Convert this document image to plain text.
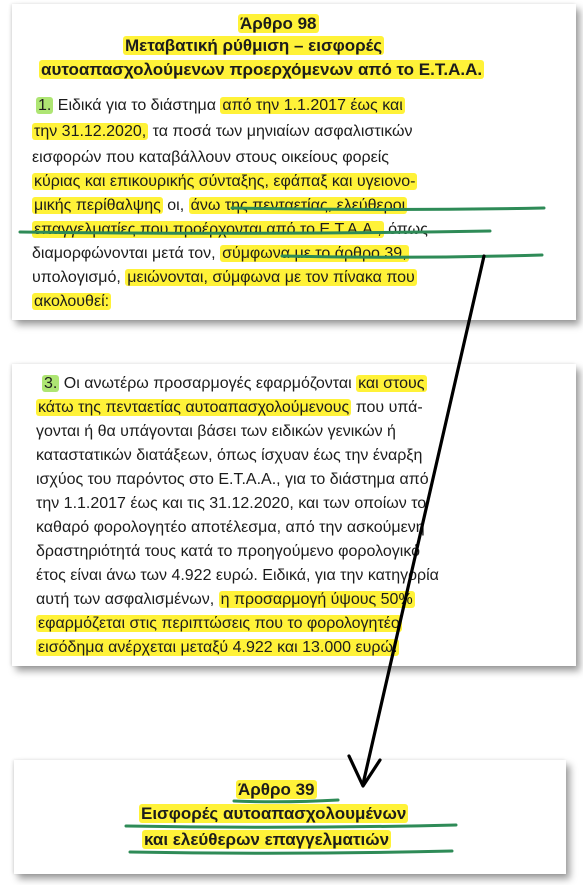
Άρθρο 98
Μεταβατική ρύθμιση – εισφορές
αυτοαπασχολούμενων προερχόμενων από το Ε.Τ.Α.Α.
1. Ειδικά για το διάστημα από την 1.1.2017 έως και
την 31.12.2020, τα ποσά των μηνιαίων ασφαλιστικών
εισφορών που καταβάλλουν στους οικείους φορείς
κύριας και επικουρικής σύνταξης, εφάπαξ και υγειονο-
μικής περίθαλψης οι, άνω της πενταετίας, ελεύθεροι
επαγγελματίες που προέρχονται από το Ε.Τ.Α.Α., όπως
διαμορφώνονται μετά τον, σύμφωνα με το άρθρο 39,
υπολογισμό, μειώνονται, σύμφωνα με τον πίνακα που
ακολουθεί:
3. Οι ανωτέρω προσαρμογές εφαρμόζονται και στους
κάτω της πενταετίας αυτοαπασχολούμενους που υπά-
γονται ή θα υπάγονται βάσει των ειδικών γενικών ή
καταστατικών διατάξεων, όπως ίσχυαν έως την έναρξη
ισχύος του παρόντος στο Ε.Τ.Α.Α., για το διάστημα από
την 1.1.2017 έως και τις 31.12.2020, και των οποίων το
καθαρό φορολογητέο αποτέλεσμα, από την ασκούμενη
δραστηριότητά τους κατά το προηγούμενο φορολογικό
έτος είναι άνω των 4.922 ευρώ. Ειδικά, για την κατηγορία
αυτή των ασφαλισμένων, η προσαρμογή ύψους 50%
εφαρμόζεται στις περιπτώσεις που το φορολογητέο
εισόδημα ανέρχεται μεταξύ 4.922 και 13.000 ευρώ.
Άρθρο 39
Εισφορές αυτοαπασχολουμένων
και ελεύθερων επαγγελματιών
